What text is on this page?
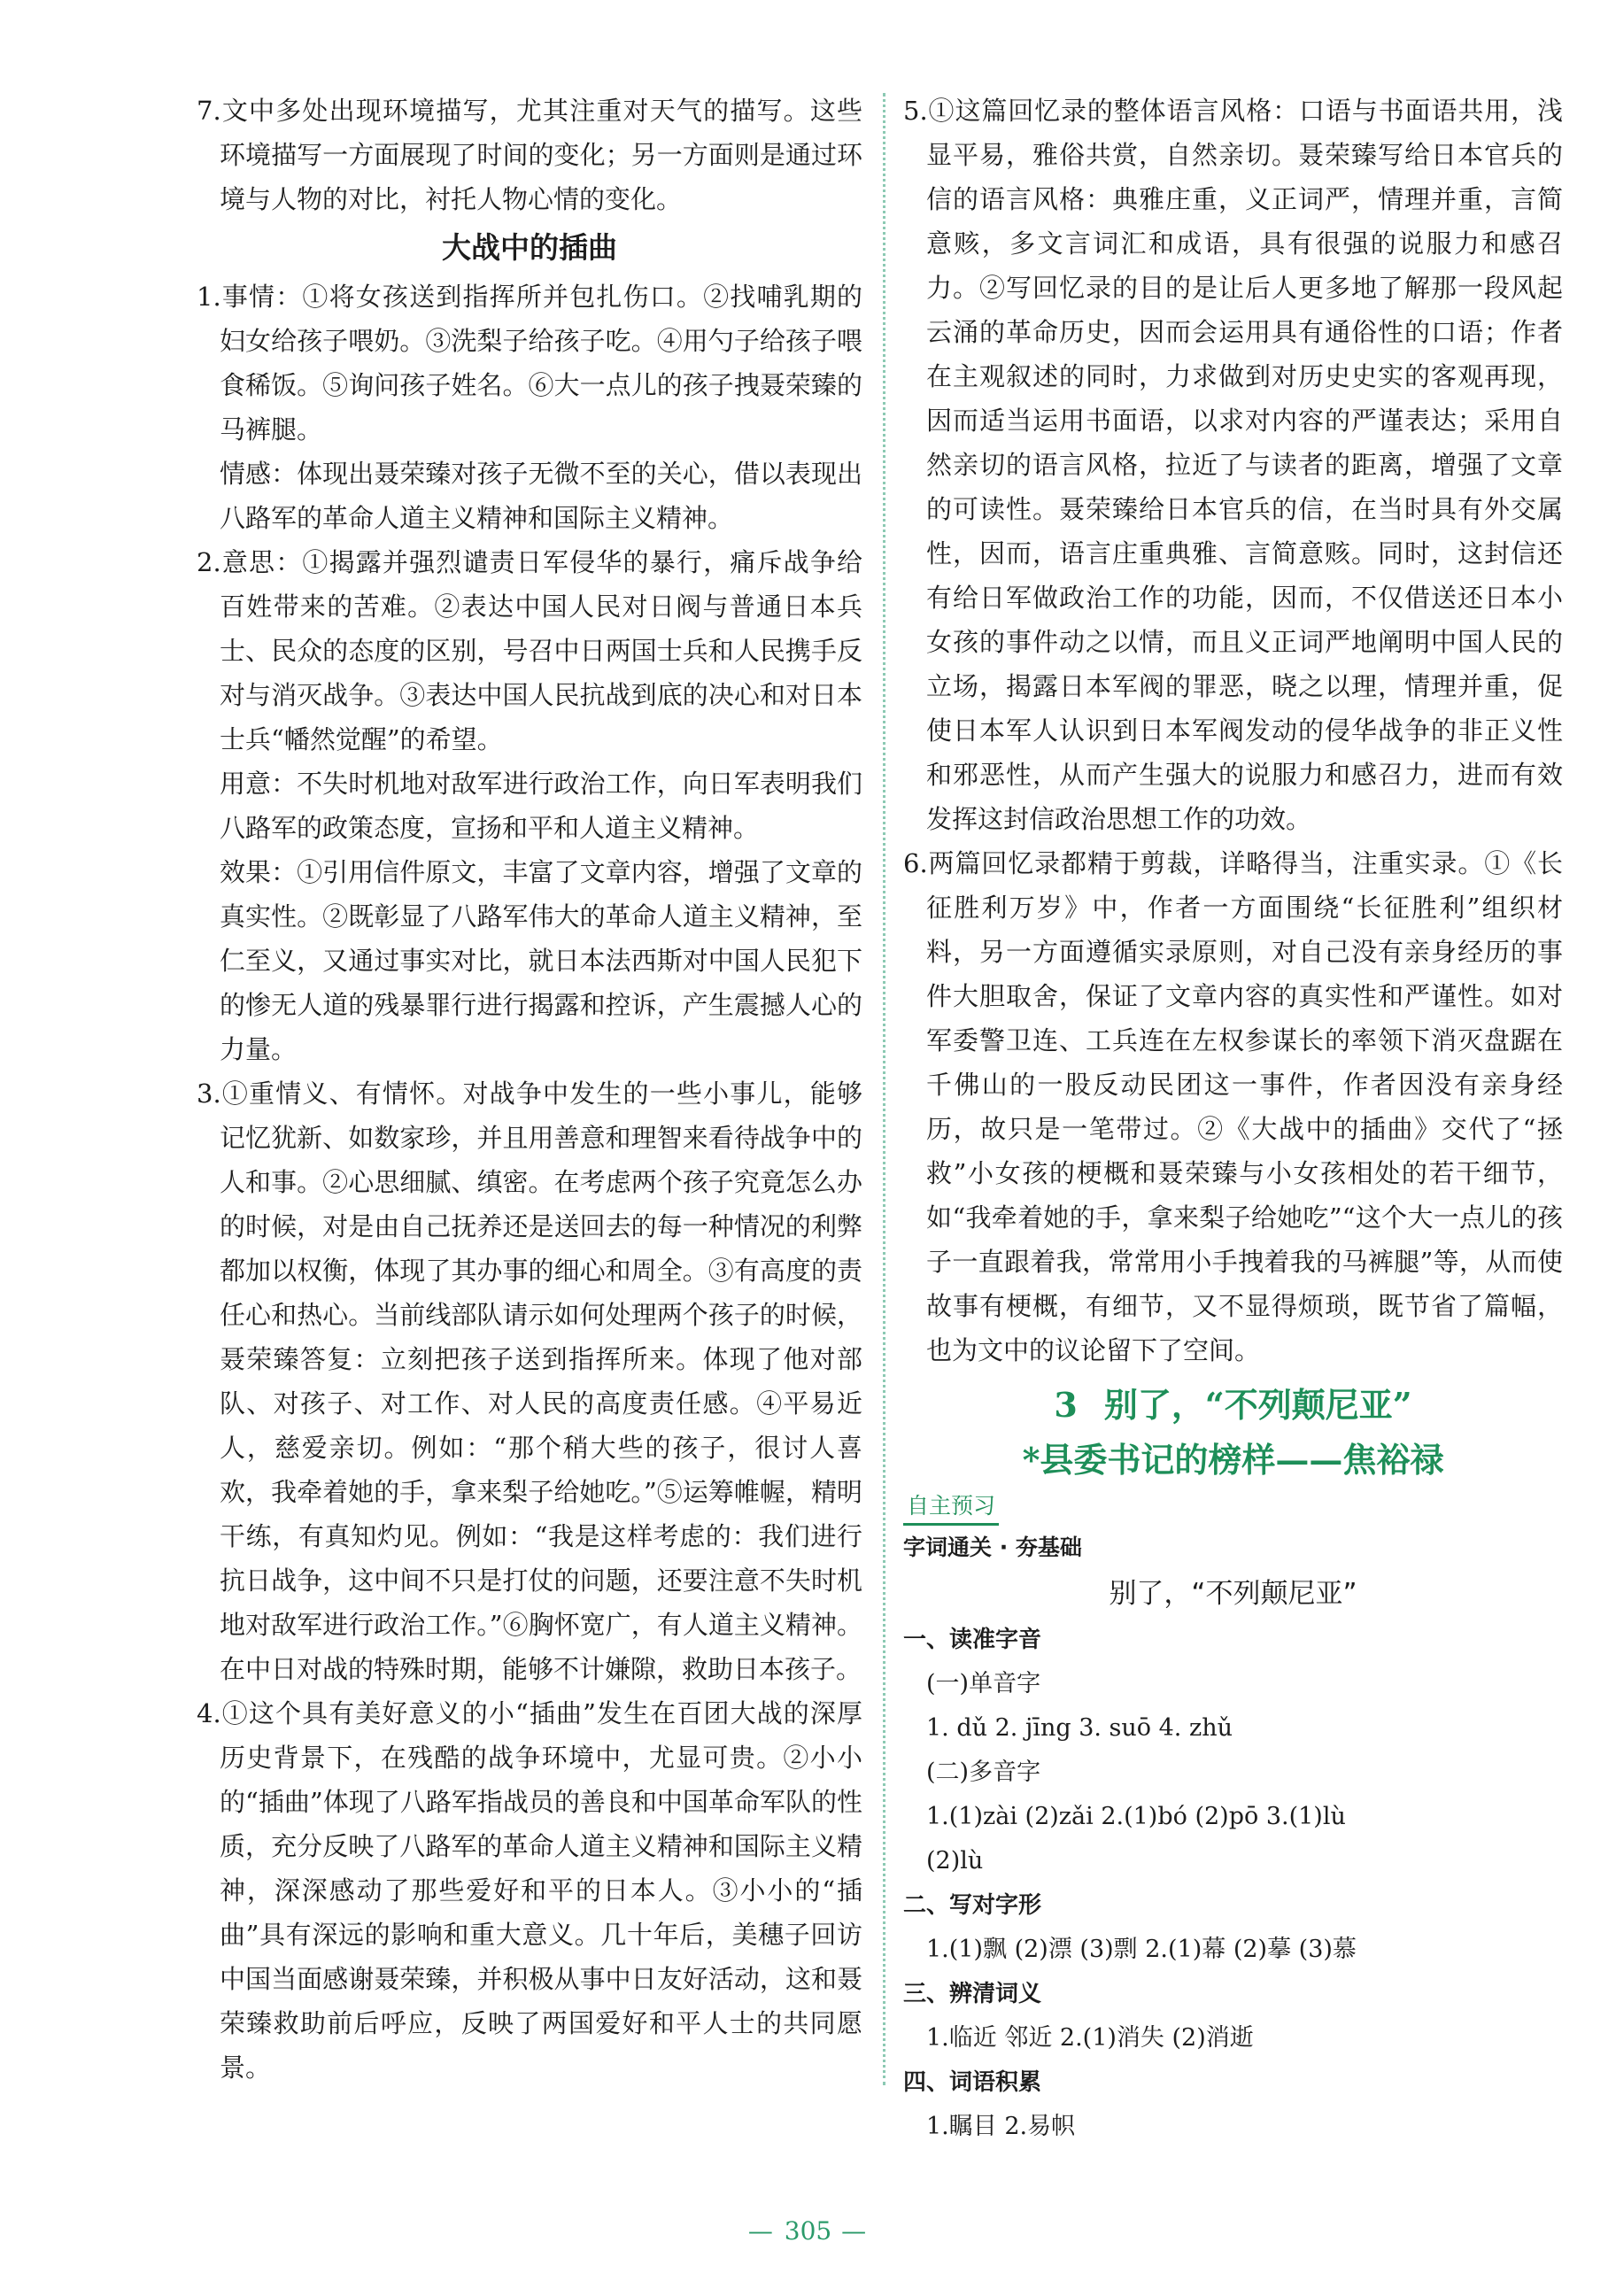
7.文中多处出现环境描写，尤其注重对天气的描写。这些环境描写一方面展现了时间的变化；另一方面则是通过环境与人物的对比，衬托人物心情的变化。

大战中的插曲

1.事情：①将女孩送到指挥所并包扎伤口。②找哺乳期的妇女给孩子喂奶。③洗梨子给孩子吃。④用勺子给孩子喂食稀饭。⑤询问孩子姓名。⑥大一点儿的孩子拽聂荣臻的马裤腿。

情感：体现出聂荣臻对孩子无微不至的关心，借以表现出八路军的革命人道主义精神和国际主义精神。

2.意思：①揭露并强烈谴责日军侵华的暴行，痛斥战争给百姓带来的苦难。②表达中国人民对日阀与普通日本兵士、民众的态度的区别，号召中日两国士兵和人民携手反对与消灭战争。③表达中国人民抗战到底的决心和对日本士兵“幡然觉醒”的希望。

用意：不失时机地对敌军进行政治工作，向日军表明我们八路军的政策态度，宣扬和平和人道主义精神。

效果：①引用信件原文，丰富了文章内容，增强了文章的真实性。②既彰显了八路军伟大的革命人道主义精神，至仁至义，又通过事实对比，就日本法西斯对中国人民犯下的惨无人道的残暴罪行进行揭露和控诉，产生震撼人心的力量。

3.①重情义、有情怀。对战争中发生的一些小事儿，能够记忆犹新、如数家珍，并且用善意和理智来看待战争中的人和事。②心思细腻、缜密。在考虑两个孩子究竟怎么办的时候，对是由自己抚养还是送回去的每一种情况的利弊都加以权衡，体现了其办事的细心和周全。③有高度的责任心和热心。当前线部队请示如何处理两个孩子的时候，聂荣臻答复：立刻把孩子送到指挥所来。体现了他对部队、对孩子、对工作、对人民的高度责任感。④平易近人，慈爱亲切。例如：“那个稍大些的孩子，很讨人喜欢，我牵着她的手，拿来梨子给她吃。”⑤运筹帷幄，精明干练，有真知灼见。例如：“我是这样考虑的：我们进行抗日战争，这中间不只是打仗的问题，还要注意不失时机地对敌军进行政治工作。”⑥胸怀宽广，有人道主义精神。在中日对战的特殊时期，能够不计嫌隙，救助日本孩子。

4.①这个具有美好意义的小“插曲”发生在百团大战的深厚历史背景下，在残酷的战争环境中，尤显可贵。②小小的“插曲”体现了八路军指战员的善良和中国革命军队的性质，充分反映了八路军的革命人道主义精神和国际主义精神，深深感动了那些爱好和平的日本人。③小小的“插曲”具有深远的影响和重大意义。几十年后，美穗子回访中国当面感谢聂荣臻，并积极从事中日友好活动，这和聂荣臻救助前后呼应，反映了两国爱好和平人士的共同愿景。

5.①这篇回忆录的整体语言风格：口语与书面语共用，浅显平易，雅俗共赏，自然亲切。聂荣臻写给日本官兵的信的语言风格：典雅庄重，义正词严，情理并重，言简意赅，多文言词汇和成语，具有很强的说服力和感召力。②写回忆录的目的是让后人更多地了解那一段风起云涌的革命历史，因而会运用具有通俗性的口语；作者在主观叙述的同时，力求做到对历史史实的客观再现，因而适当运用书面语，以求对内容的严谨表达；采用自然亲切的语言风格，拉近了与读者的距离，增强了文章的可读性。聂荣臻给日本官兵的信，在当时具有外交属性，因而，语言庄重典雅、言简意赅。同时，这封信还有给日军做政治工作的功能，因而，不仅借送还日本小女孩的事件动之以情，而且义正词严地阐明中国人民的立场，揭露日本军阀的罪恶，晓之以理，情理并重，促使日本军人认识到日本军阀发动的侵华战争的非正义性和邪恶性，从而产生强大的说服力和感召力，进而有效发挥这封信政治思想工作的功效。

6.两篇回忆录都精于剪裁，详略得当，注重实录。①《长征胜利万岁》中，作者一方面围绕“长征胜利”组织材料，另一方面遵循实录原则，对自己没有亲身经历的事件大胆取舍，保证了文章内容的真实性和严谨性。如对军委警卫连、工兵连在左权参谋长的率领下消灭盘踞在千佛山的一股反动民团这一事件，作者因没有亲身经历，故只是一笔带过。②《大战中的插曲》交代了“拯救”小女孩的梗概和聂荣臻与小女孩相处的若干细节，如“我牵着她的手，拿来梨子给她吃”“这个大一点儿的孩子一直跟着我，常常用小手拽着我的马裤腿”等，从而使故事有梗概，有细节，又不显得烦琐，既节省了篇幅，也为文中的议论留下了空间。

3 别了，“不列颠尼亚”

*县委书记的榜样——焦裕禄

自主预习

字词通关 · 夯基础

别了，“不列颠尼亚”

一、读准字音

(一)单音字

1. dǔ 2. jīng 3. suō 4. zhǔ

(二)多音字

1.(1)zài (2)zǎi 2.(1)bó (2)pō 3.(1)lù

(2)lù

二、写对字形

1.(1)飘 (2)漂 (3)剽 2.(1)幕 (2)摹 (3)慕

三、辨清词义

1.临近 邻近 2.(1)消失 (2)消逝

四、词语积累

1.瞩目 2.易帜

— 305 —
